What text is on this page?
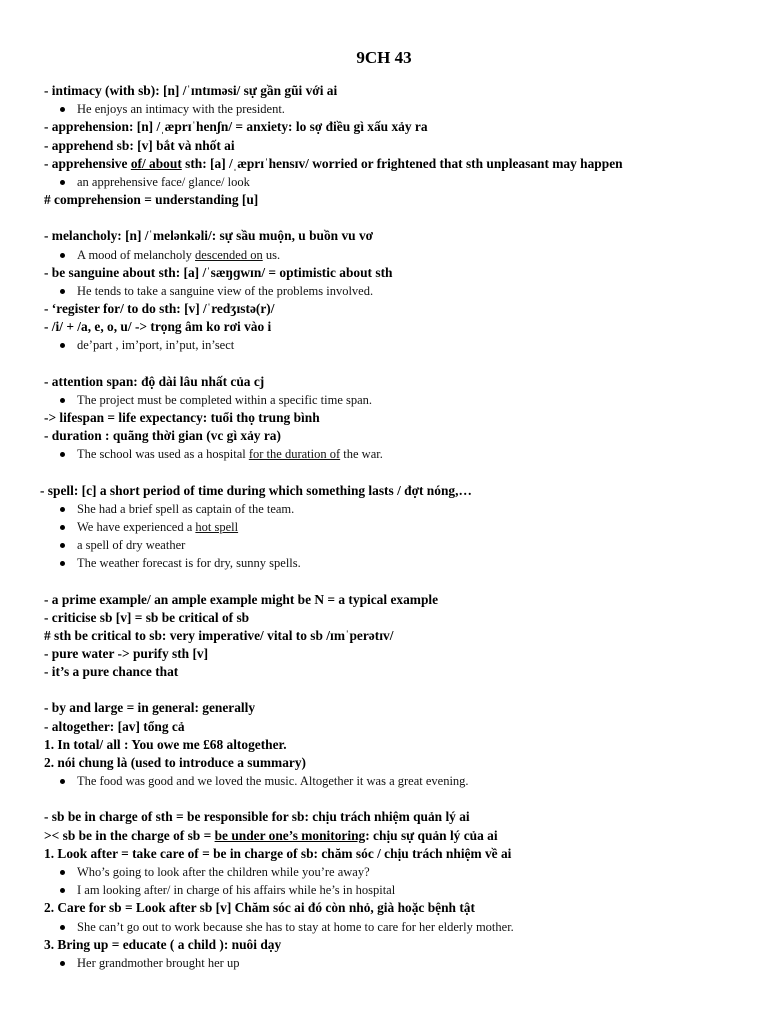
9CH 43
- intimacy (with sb): [n] /ˈɪntɪməsi/ sự gần gũi với ai
He enjoys an intimacy with the president.
- apprehension: [n] /ˌæprɪˈhenʃn/ = anxiety: lo sợ điều gì xấu xảy ra
- apprehend sb: [v] bắt và nhốt ai
- apprehensive of/ about sth: [a] /ˌæprɪˈhensɪv/ worried or frightened that sth unpleasant may happen
an apprehensive face/ glance/ look
# comprehension = understanding [u]
- melancholy: [n] /ˈmelənkəli/: sự sầu muộn, u buồn vu vơ
A mood of melancholy descended on us.
- be sanguine about sth: [a] /ˈsæŋɡwɪn/ = optimistic about sth
He tends to take a sanguine view of the problems involved.
- ‘register for/ to do sth: [v] /ˈredʒɪstə(r)/
- /i/ + /a, e, o, u/ -> trọng âm ko rơi vào i
de’part , im’port, in’put, in’sect
- attention span: độ dài lâu nhất của cj
The project must be completed within a specific time span.
-> lifespan = life expectancy: tuổi thọ trung bình
- duration : quãng thời gian (vc gì xảy ra)
The school was used as a hospital for the duration of the war.
- spell: [c] a short period of time during which something lasts / đợt nóng,…
She had a brief spell as captain of the team.
We have experienced a hot spell
a spell of dry weather
The weather forecast is for dry, sunny spells.
- a prime example/ an ample example might be N = a typical example
- criticise sb [v] = sb be critical of sb
# sth be critical to sb: very imperative/ vital to sb /ɪmˈperətɪv/
- pure water -> purify sth [v]
- it’s a pure chance that
- by and large = in general: generally
- altogether: [av] tổng cả
1. In total/ all : You owe me £68 altogether.
2. nói chung là (used to introduce a summary)
The food was good and we loved the music. Altogether it was a great evening.
- sb be in charge of sth = be responsible for sb: chịu trách nhiệm quản lý ai
>< sb be in the charge of sb = be under one’s monitoring: chịu sự quản lý của ai
1. Look after = take care of = be in charge of sb: chăm sóc / chịu trách nhiệm về ai
Who’s going to look after the children while you’re away?
I am looking after/ in charge of his affairs while he’s in hospital
2. Care for sb = Look after sb [v] Chăm sóc ai đó còn nhỏ, già hoặc bệnh tật
She can’t go out to work because she has to stay at home to care for her elderly mother.
3. Bring up = educate ( a child ): nuôi dạy
Her grandmother brought her up
